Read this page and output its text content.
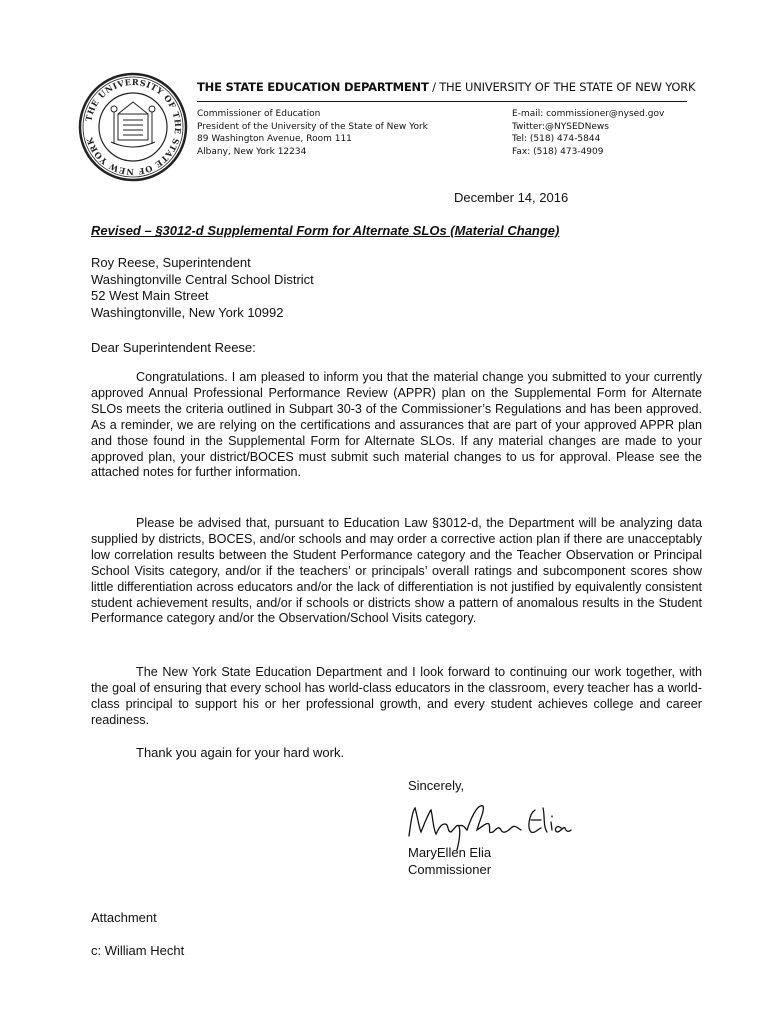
THE UNIVERSITY OF THE STATE OF NEW YORK
THE STATE EDUCATION DEPARTMENT / THE UNIVERSITY OF THE STATE OF NEW YORK
Commissioner of Education
President of the University of the State of New York
89 Washington Avenue, Room 111
Albany, New York 12234
E-mail: commissioner@nysed.gov
Twitter:@NYSEDNews
Tel: (518) 474-5844
Fax: (518) 473-4909
December 14, 2016
Revised – §3012-d Supplemental Form for Alternate SLOs (Material Change)
Roy Reese, Superintendent
Washingtonville Central School District
52 West Main Street
Washingtonville, New York 10992
Dear Superintendent Reese:

Congratulations. I am pleased to inform you that the material change you submitted to your currently approved Annual Professional Performance Review (APPR) plan on the Supplemental Form for Alternate SLOs meets the criteria outlined in Subpart 30-3 of the Commissioner’s Regulations and has been approved. As a reminder, we are relying on the certifications and assurances that are part of your approved APPR plan and those found in the Supplemental Form for Alternate SLOs. If any material changes are made to your approved plan, your district/BOCES must submit such material changes to us for approval. Please see the attached notes for further information.

Please be advised that, pursuant to Education Law §3012-d, the Department will be analyzing data supplied by districts, BOCES, and/or schools and may order a corrective action plan if there are unacceptably low correlation results between the Student Performance category and the Teacher Observation or Principal School Visits category, and/or if the teachers’ or principals’ overall ratings and subcomponent scores show little differentiation across educators and/or the lack of differentiation is not justified by equivalently consistent student achievement results, and/or if schools or districts show a pattern of anomalous results in the Student Performance category and/or the Observation/School Visits category.

The New York State Education Department and I look forward to continuing our work together, with the goal of ensuring that every school has world-class educators in the classroom, every teacher has a world-class principal to support his or her professional growth, and every student achieves college and career readiness.

Thank you again for your hard work.
Sincerely,
MaryEllen Elia
Commissioner
Attachment
c: William Hecht
